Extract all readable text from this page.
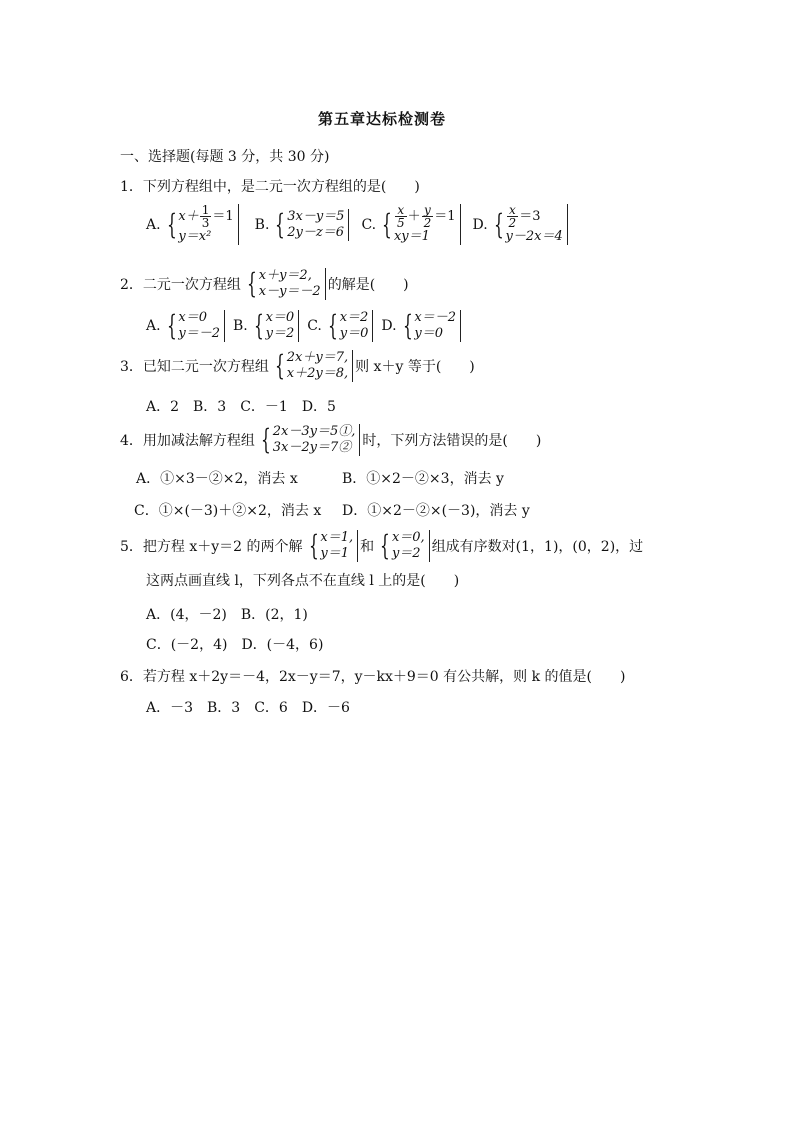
第五章达标检测卷
一、选择题(每题 3 分，共 30 分)
1．下列方程组中，是二元一次方程组的是(　　)
A. { $x+ \frac{1}{3} =1$
y＝x²
B. { 3x－y＝5
2y－z＝6 C. { $\frac{x}{5} + \frac{y}{2} =1$
xy＝1
D. { $\frac{x}{2} =3$
y－2x＝4
2．二元一次方程组 { x＋y＝2,
x－y＝－2 的解是(　　)
A. { x＝0
y＝－2 B. { x＝0
y＝2 C. { x＝2
y＝0 D. { x＝－2
y＝0
3．已知二元一次方程组 { 2x＋y＝7,
x＋2y＝8, 则 x＋y 等于(　　)
A．2　B．3　C．－1　D．5
4．用加减法解方程组 { 2x－3y＝5①,
3x－2y＝7② 时，下列方法错误的是(　　)
A．①×3－②×2，消去 x	B．①×2－②×3，消去 y
C．①×(－3)＋②×2，消去 x D．①×2－②×(－3)，消去 y
5．把方程 x＋y＝2 的两个解 { x＝1,
y＝1 和 { x＝0,
y＝2 组成有序数对(1，1)，(0，2)，过
这两点画直线 l，下列各点不在直线 l 上的是(　　)
A．(4，－2)　B．(2，1)
C．(－2，4)　D．(－4，6)
6．若方程 x＋2y＝－4，2x－y＝7，y－kx＋9＝0 有公共解，则 k 的值是(　　)
A．－3　B．3　C．6　D．－6
